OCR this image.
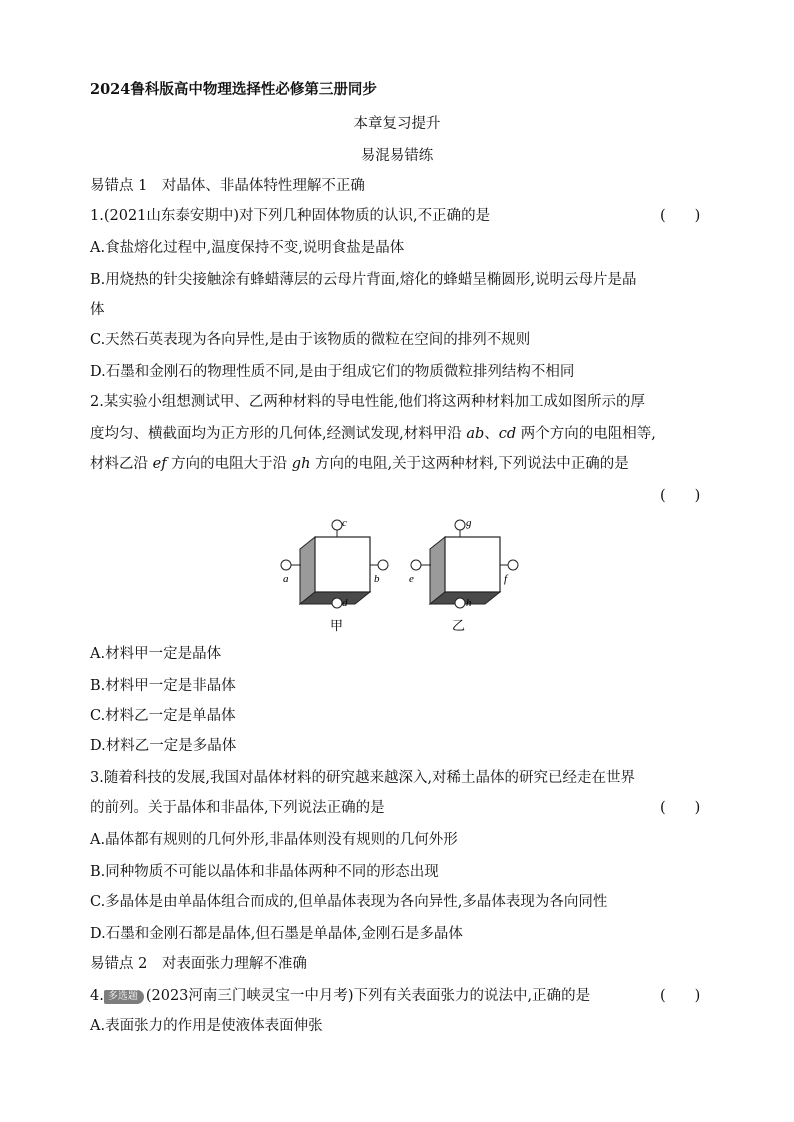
2024鲁科版高中物理选择性必修第三册同步
本章复习提升
易混易错练
易错点 1　对晶体、非晶体特性理解不正确
1.(2021山东泰安期中)对下列几种固体物质的认识,不正确的是	(　　)
A.食盐熔化过程中,温度保持不变,说明食盐是晶体
B.用烧热的针尖接触涂有蜂蜡薄层的云母片背面,熔化的蜂蜡呈椭圆形,说明云母片是晶
体
C.天然石英表现为各向异性,是由于该物质的微粒在空间的排列不规则
D.石墨和金刚石的物理性质不同,是由于组成它们的物质微粒排列结构不相同
2.某实验小组想测试甲、乙两种材料的导电性能,他们将这两种材料加工成如图所示的厚
度均匀、横截面均为正方形的几何体,经测试发现,材料甲沿 ab、cd 两个方向的电阻相等,
材料乙沿 ef 方向的电阻大于沿 gh 方向的电阻,关于这两种材料,下列说法中正确的是
(　　)
c
d
a	b
甲
g
h
e	f
乙
A.材料甲一定是晶体
B.材料甲一定是非晶体
C.材料乙一定是单晶体
D.材料乙一定是多晶体
3.随着科技的发展,我国对晶体材料的研究越来越深入,对稀土晶体的研究已经走在世界
的前列。关于晶体和非晶体,下列说法正确的是	(　　)
A.晶体都有规则的几何外形,非晶体则没有规则的几何外形
B.同种物质不可能以晶体和非晶体两种不同的形态出现
C.多晶体是由单晶体组合而成的,但单晶体表现为各向异性,多晶体表现为各向同性
D.石墨和金刚石都是晶体,但石墨是单晶体,金刚石是多晶体
易错点 2　对表面张力理解不准确
4. 多选题 (2023河南三门峡灵宝一中月考)下列有关表面张力的说法中,正确的是	(　　)
A.表面张力的作用是使液体表面伸张
